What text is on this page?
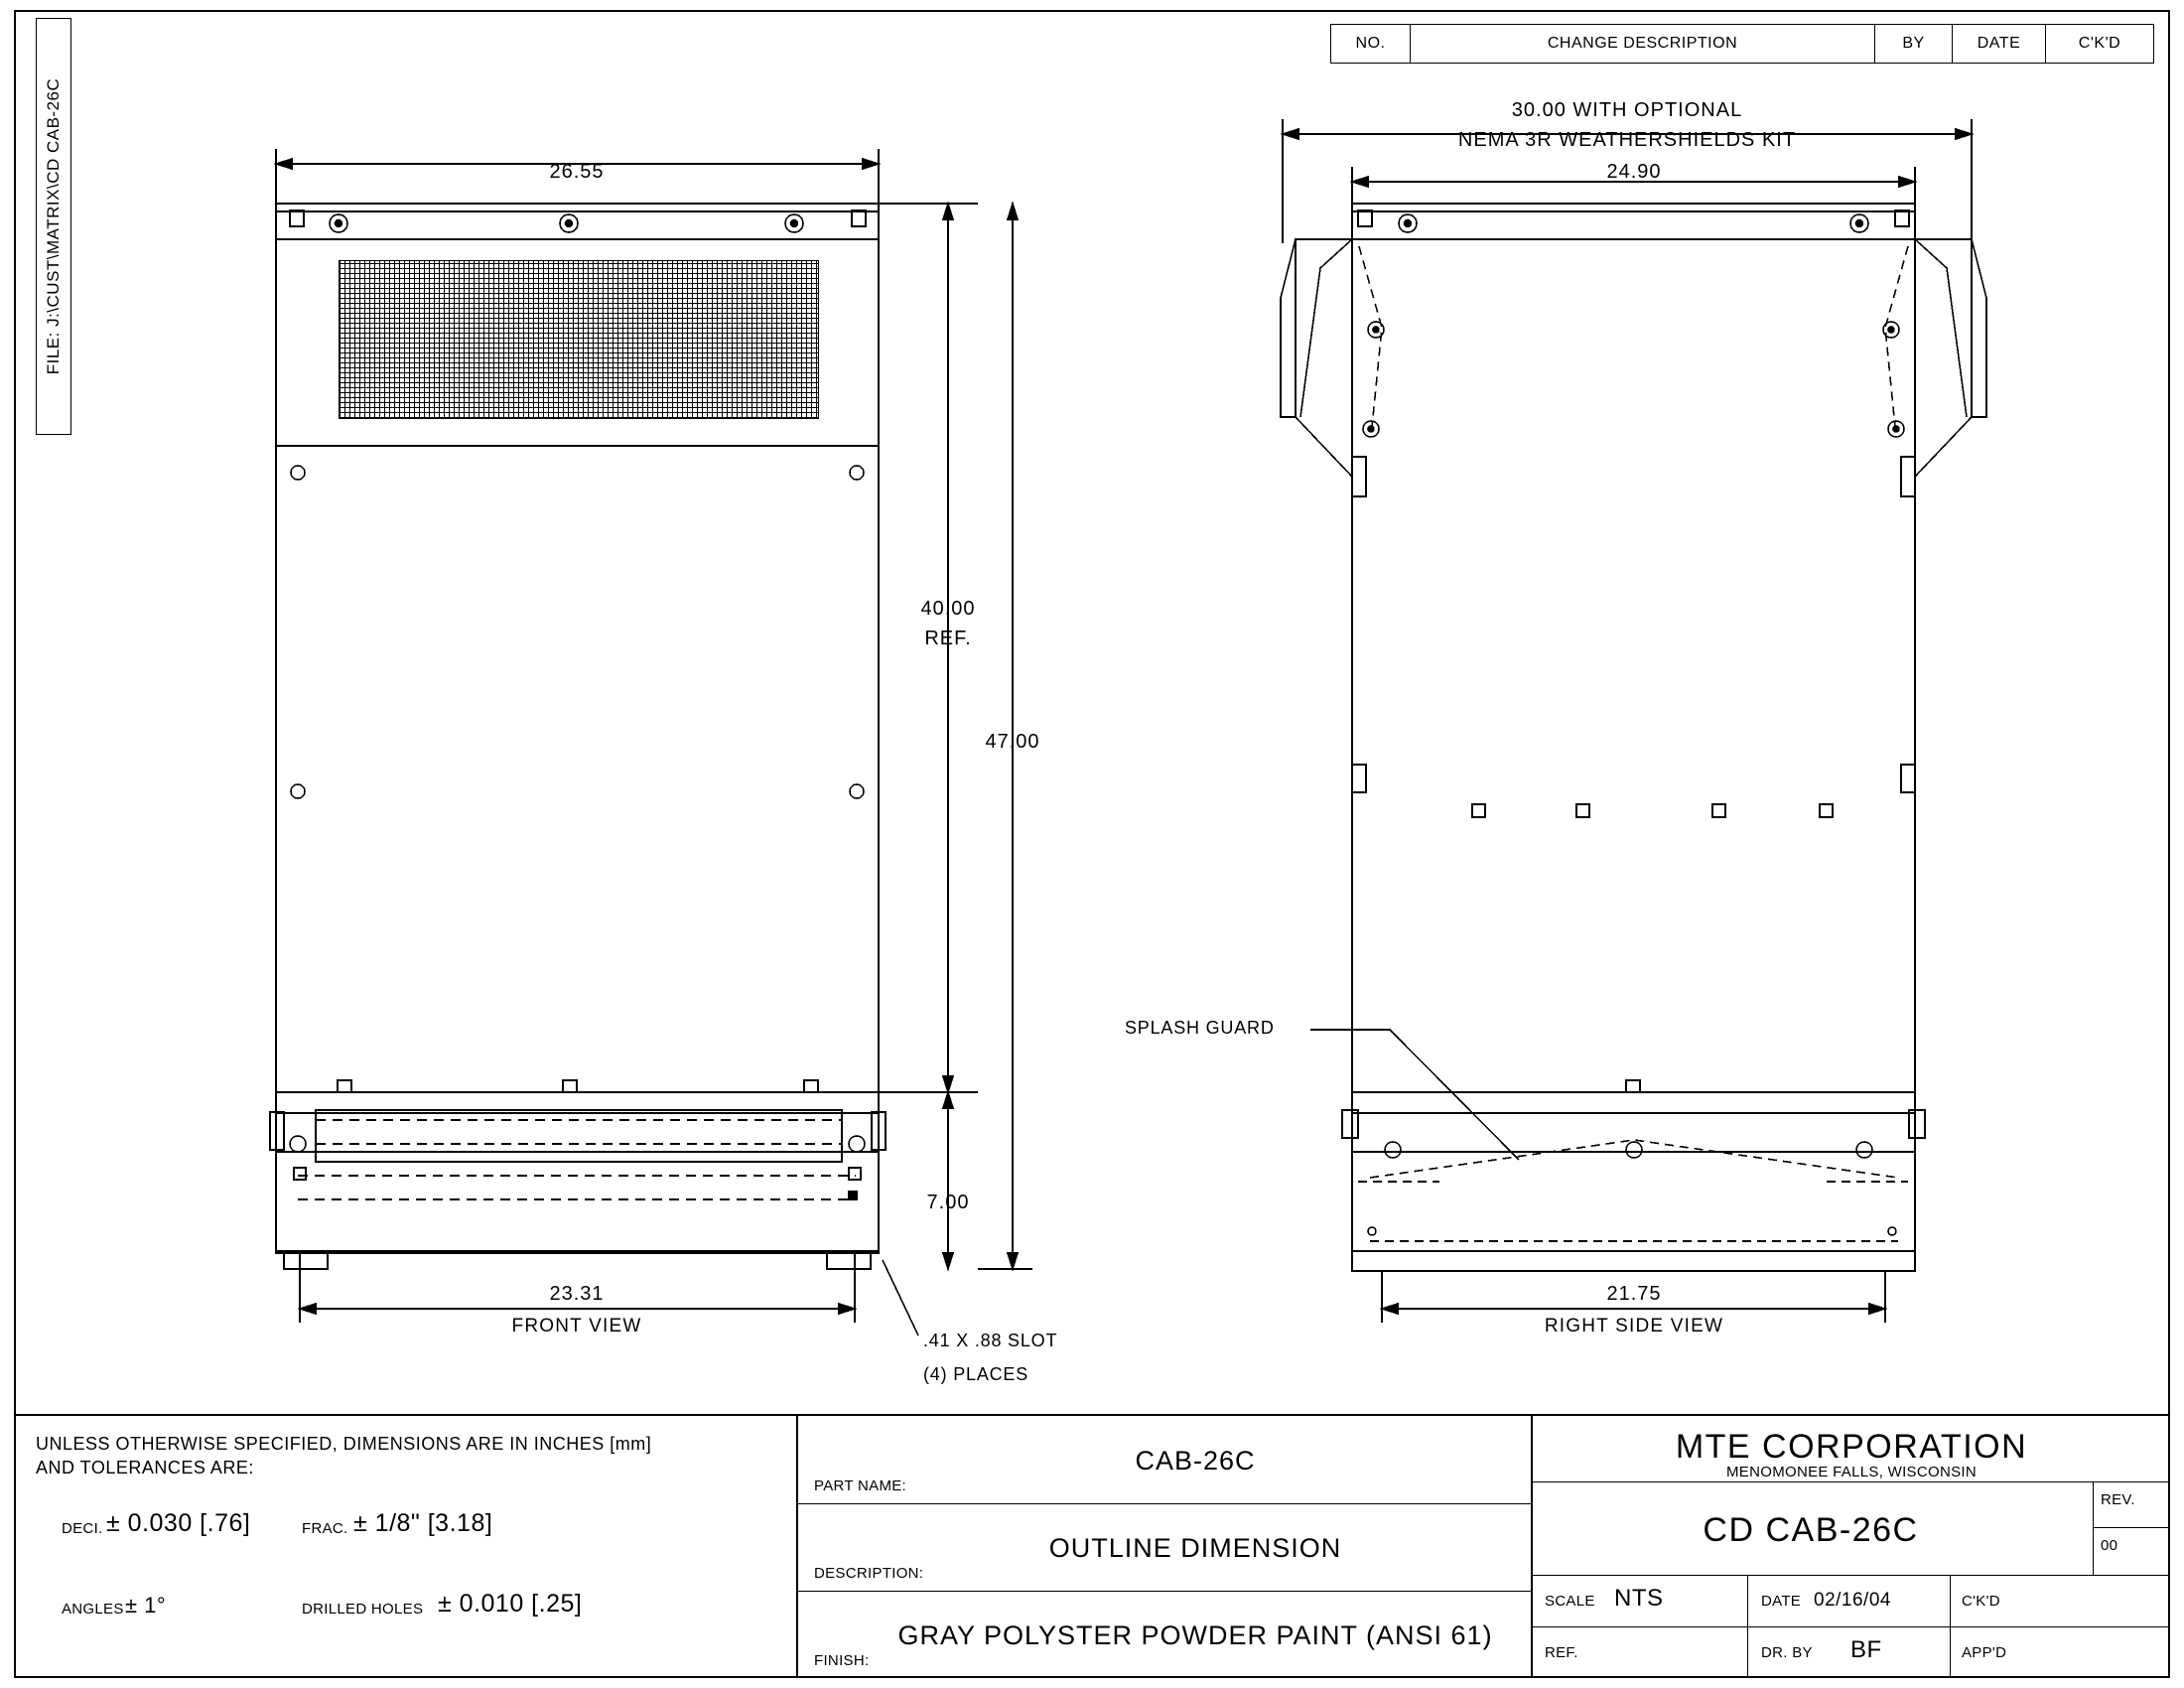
FILE: J:\CUST\MATRIX\CD CAB-26C
NO.	CHANGE DESCRIPTION	BY	DATE	C'K'D
26.55
23.31
FRONT VIEW
40.00
REF.
47.00
7.00
.41 X .88 SLOT
(4) PLACES
30.00 WITH OPTIONAL
NEMA 3R WEATHERSHIELDS KIT
24.90
21.75
RIGHT SIDE VIEW
SPLASH GUARD
UNLESS OTHERWISE SPECIFIED, DIMENSIONS ARE IN INCHES [mm]
AND TOLERANCES ARE:
DECI. ± 0.030 [.76]	FRAC. ± 1/8" [3.18]
ANGLES ± 1°	DRILLED HOLES ± 0.010 [.25]
PART NAME:
CAB-26C
DESCRIPTION:
OUTLINE DIMENSION
FINISH:
GRAY POLYSTER POWDER PAINT (ANSI 61)
MTE CORPORATION
MENOMONEE FALLS, WISCONSIN
CD CAB-26C
REV.
00
SCALE NTS	DATE 02/16/04	C'K'D
REF.	DR. BY BF	APP'D
